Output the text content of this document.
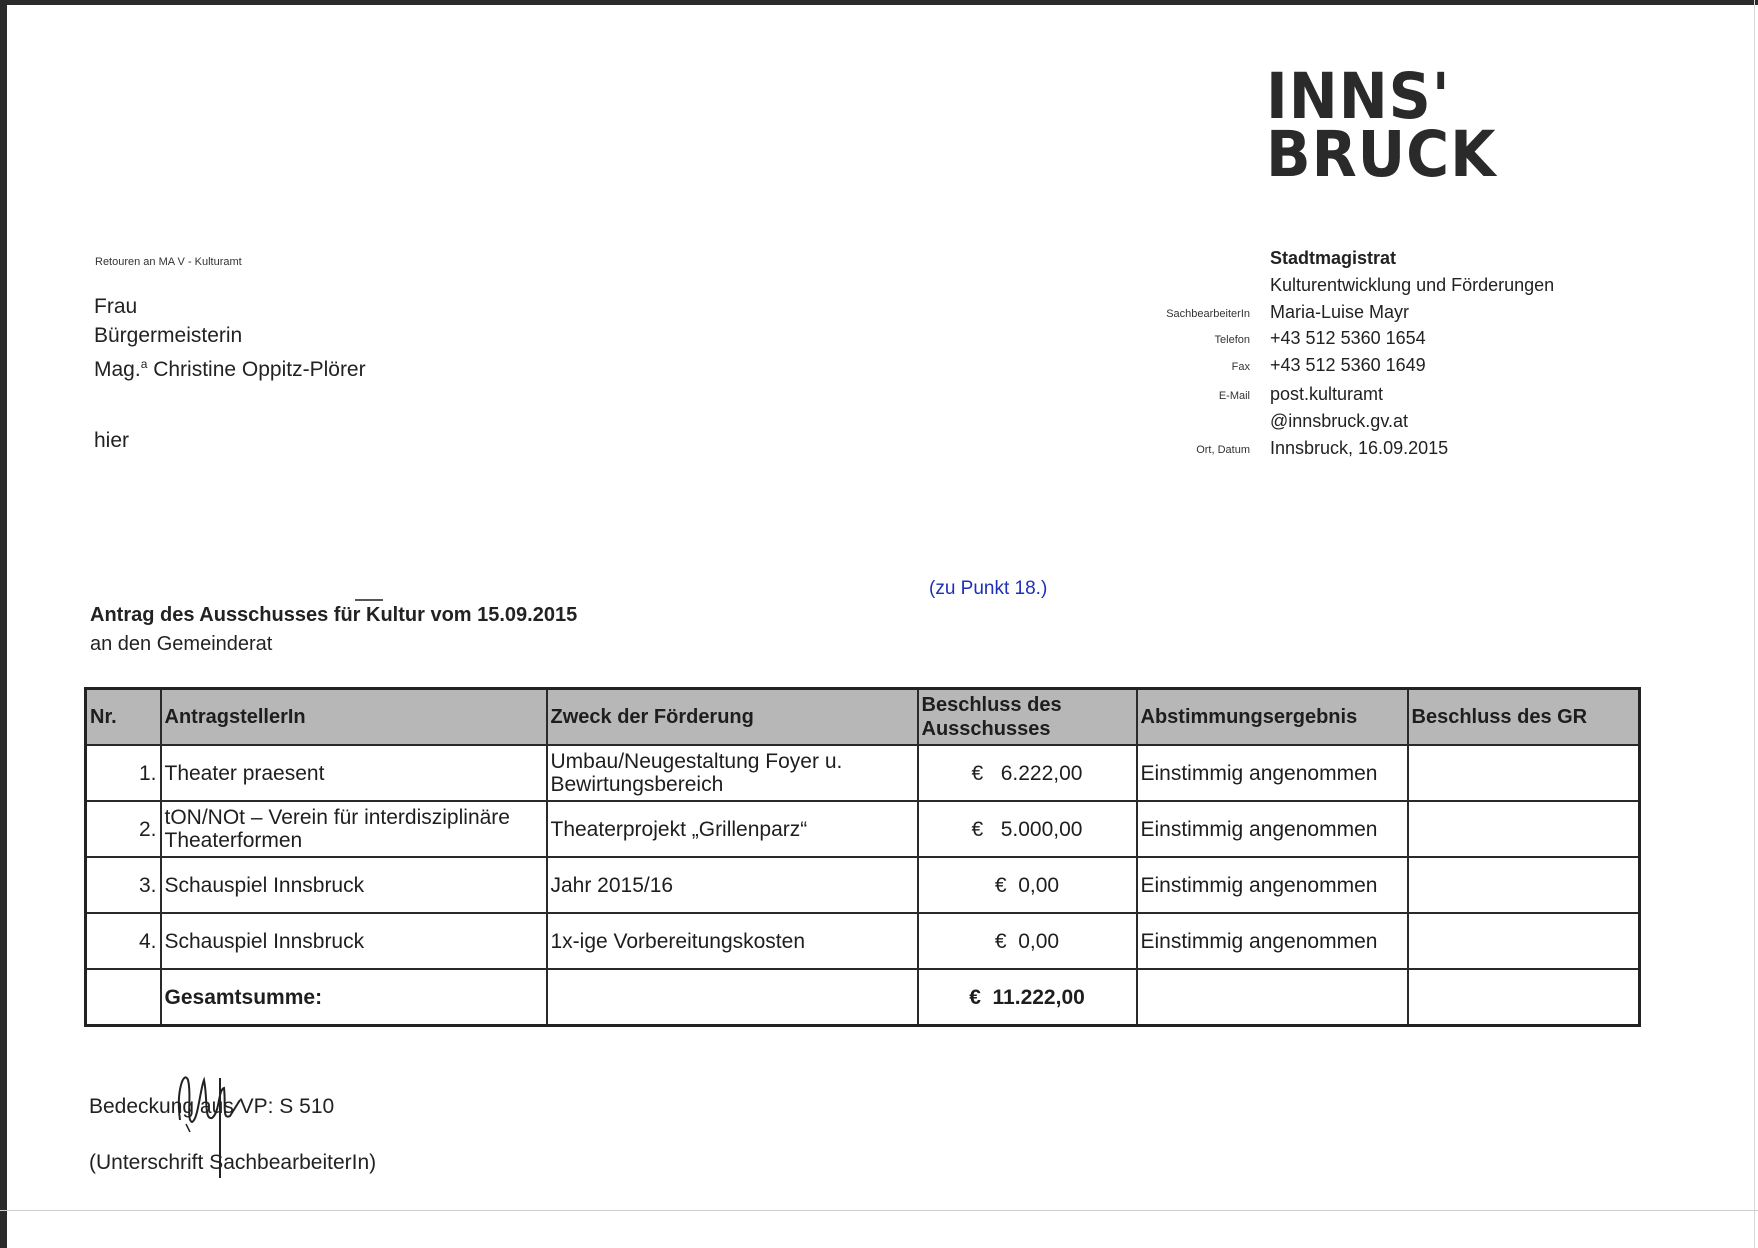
INNS'
BRUCK
Retouren an MA V - Kulturamt
Frau
Bürgermeisterin
Mag.$^a$ Christine Oppitz-Plörer
hier
Stadtmagistrat
Kulturentwicklung und Förderungen
SachbearbeiterIn Maria-Luise Mayr
Telefon +43 512 5360 1654
Fax +43 512 5360 1649
E-Mail post.kulturamt
@innsbruck.gv.at
Ort, Datum Innsbruck, 16.09.2015
(zu Punkt 18.)
Antrag des Ausschusses für Kultur vom 15.09.2015
an den Gemeinderat
Nr.	AntragstellerIn	Zweck der Förderung	Beschluss des Ausschusses	Abstimmungsergebnis	Beschluss des GR
1.	Theater praesent	Umbau/Neugestaltung Foyer u. Bewirtungsbereich	€   6.222,00	Einstimmig angenommen	
2.	tON/NOt – Verein für interdisziplinäre Theaterformen	Theaterprojekt „Grillenparz“	€   5.000,00	Einstimmig angenommen	
3.	Schauspiel Innsbruck	Jahr 2015/16	€  0,00	Einstimmig angenommen	
4.	Schauspiel Innsbruck	1x-ige Vorbereitungskosten	€  0,00	Einstimmig angenommen	
	Gesamtsumme:		€  11.222,00		
Bedeckung aus VP: S 510
(Unterschrift SachbearbeiterIn)
